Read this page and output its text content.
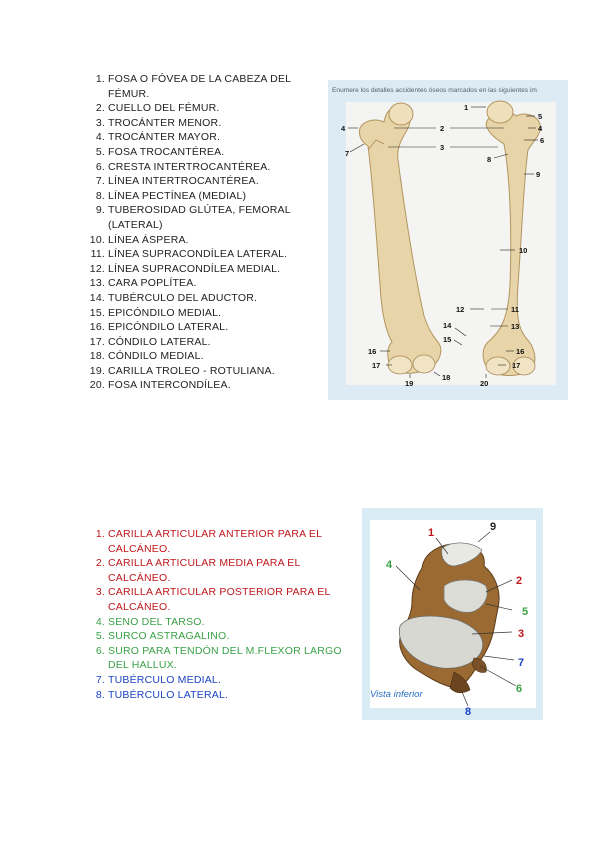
1. FOSA O FÓVEA DE LA CABEZA DEL FÉMUR.
2. CUELLO DEL FÉMUR.
3. TROCÁNTER MENOR.
4. TROCÁNTER MAYOR.
5. FOSA TROCANTÉREA.
6. CRESTA INTERTROCANTÉREA.
7. LÍNEA INTERTROCANTÉREA.
8. LÍNEA PECTÍNEA (MEDIAL)
9. TUBEROSIDAD GLÚTEA, FEMORAL (LATERAL)
10. LÍNEA ÁSPERA.
11. LÍNEA SUPRACONDÍLEA LATERAL.
12. LÍNEA SUPRACONDÍLEA MEDIAL.
13. CARA POPLÍTEA.
14. TUBÉRCULO DEL ADUCTOR.
15. EPICÓNDILO MEDIAL.
16. EPICÓNDILO LATERAL.
17. CÓNDILO LATERAL.
18. CÓNDILO MEDIAL.
19. CARILLA TROLEO - ROTULIANA.
20. FOSA INTERCONDÍLEA.
Enumere los detalles accidentes óseos marcados en las siguientes im
1
2
3
4
7
5
4
6
8
9
10
12	11
13
14
15
16
17
18
19
16
17
20
1. CARILLA ARTICULAR ANTERIOR PARA EL CALCÁNEO.
2. CARILLA ARTICULAR MEDIA PARA EL CALCÁNEO.
3. CARILLA ARTICULAR POSTERIOR PARA EL CALCÁNEO.
4. SENO DEL TARSO.
5. SURCO ASTRAGALINO.
6. SURO PARA TENDÓN DEL M.FLEXOR LARGO DEL HALLUX.
7. TUBÉRCULO MEDIAL.
8. TUBÉRCULO LATERAL.
1	9
2
4
5
3
7
6
8
Vista inferior
